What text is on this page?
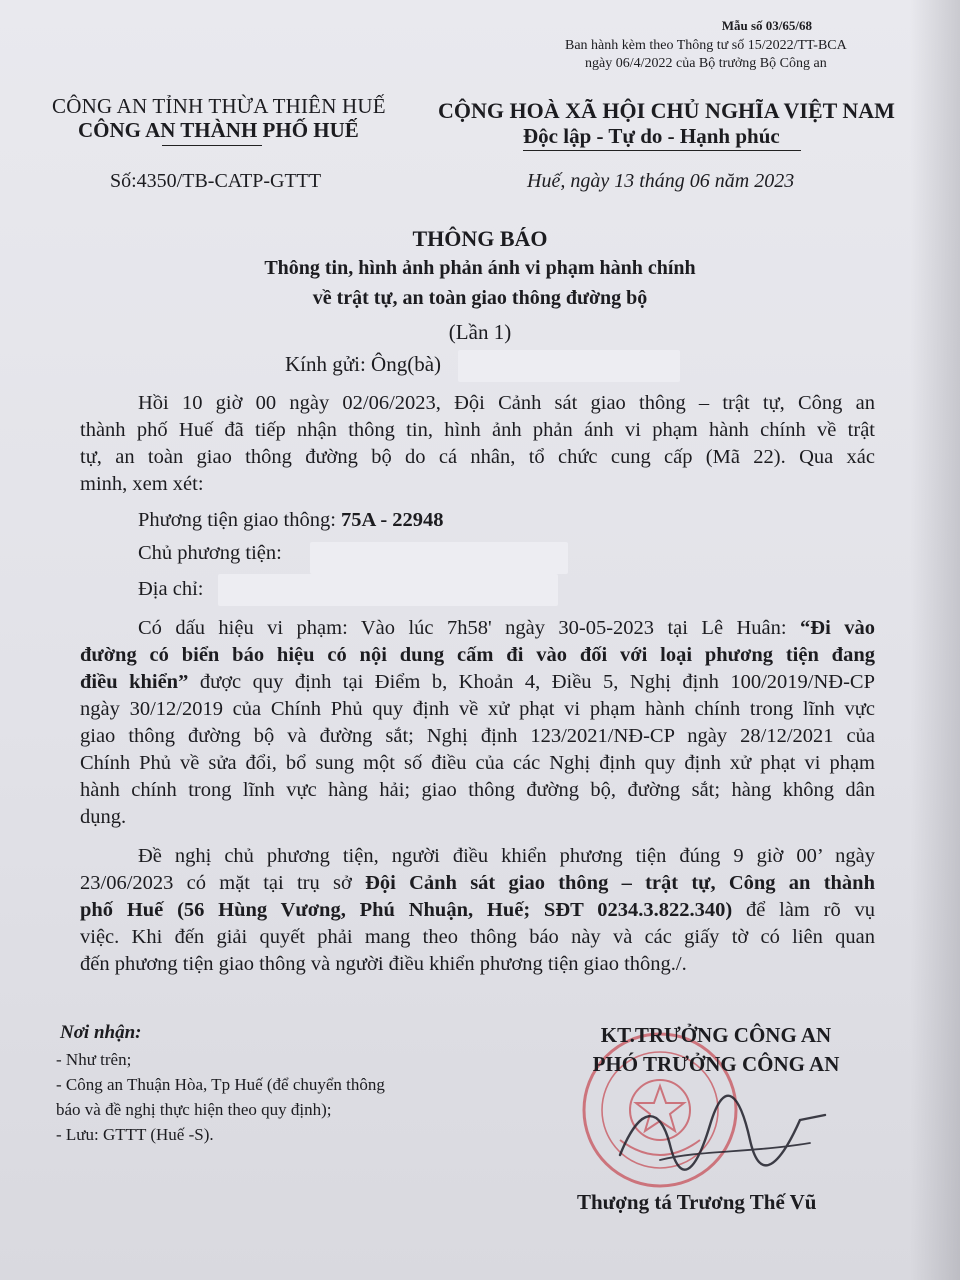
Mẫu số 03/65/68
Ban hành kèm theo Thông tư số 15/2022/TT-BCA
ngày 06/4/2022 của Bộ trưởng Bộ Công an
CÔNG AN TỈNH THỪA THIÊN HUẾ
CÔNG AN THÀNH PHỐ HUẾ
Số:4350/TB-CATP-GTTT
CỘNG HOÀ XÃ HỘI CHỦ NGHĨA VIỆT NAM
Độc lập - Tự do - Hạnh phúc
Huế, ngày 13 tháng 06 năm 2023
THÔNG BÁO
Thông tin, hình ảnh phản ánh vi phạm hành chính
về trật tự, an toàn giao thông đường bộ
(Lần 1)
Kính gửi: Ông(bà)
Hồi 10 giờ 00 ngày 02/06/2023, Đội Cảnh sát giao thông – trật tự, Công an
thành phố Huế đã tiếp nhận thông tin, hình ảnh phản ánh vi phạm hành chính về trật
tự, an toàn giao thông đường bộ do cá nhân, tổ chức cung cấp (Mã 22). Qua xác
minh, xem xét:
Phương tiện giao thông: 75A - 22948
Chủ phương tiện:
Địa chỉ:
Có dấu hiệu vi phạm: Vào lúc 7h58' ngày 30-05-2023 tại Lê Huân: “Đi vào
đường có biển báo hiệu có nội dung cấm đi vào đối với loại phương tiện đang
điều khiển” được quy định tại Điểm b, Khoản 4, Điều 5, Nghị định 100/2019/NĐ-CP
ngày 30/12/2019 của Chính Phủ quy định về xử phạt vi phạm hành chính trong lĩnh vực
giao thông đường bộ và đường sắt; Nghị định 123/2021/NĐ-CP ngày 28/12/2021 của
Chính Phủ về sửa đổi, bổ sung một số điều của các Nghị định quy định xử phạt vi phạm
hành chính trong lĩnh vực hàng hải; giao thông đường bộ, đường sắt; hàng không dân
dụng.
Đề nghị chủ phương tiện, người điều khiển phương tiện đúng 9 giờ 00’ ngày
23/06/2023 có mặt tại trụ sở Đội Cảnh sát giao thông – trật tự, Công an thành
phố Huế (56 Hùng Vương, Phú Nhuận, Huế; SĐT 0234.3.822.340) để làm rõ vụ
việc. Khi đến giải quyết phải mang theo thông báo này và các giấy tờ có liên quan
đến phương tiện giao thông và người điều khiển phương tiện giao thông./.
Nơi nhận:
- Như trên;
- Công an Thuận Hòa, Tp Huế (để chuyển thông
báo và đề nghị thực hiện theo quy định);
- Lưu: GTTT (Huế -S).
KT.TRƯỞNG CÔNG AN
PHÓ TRƯỞNG CÔNG AN
Thượng tá Trương Thế Vũ
